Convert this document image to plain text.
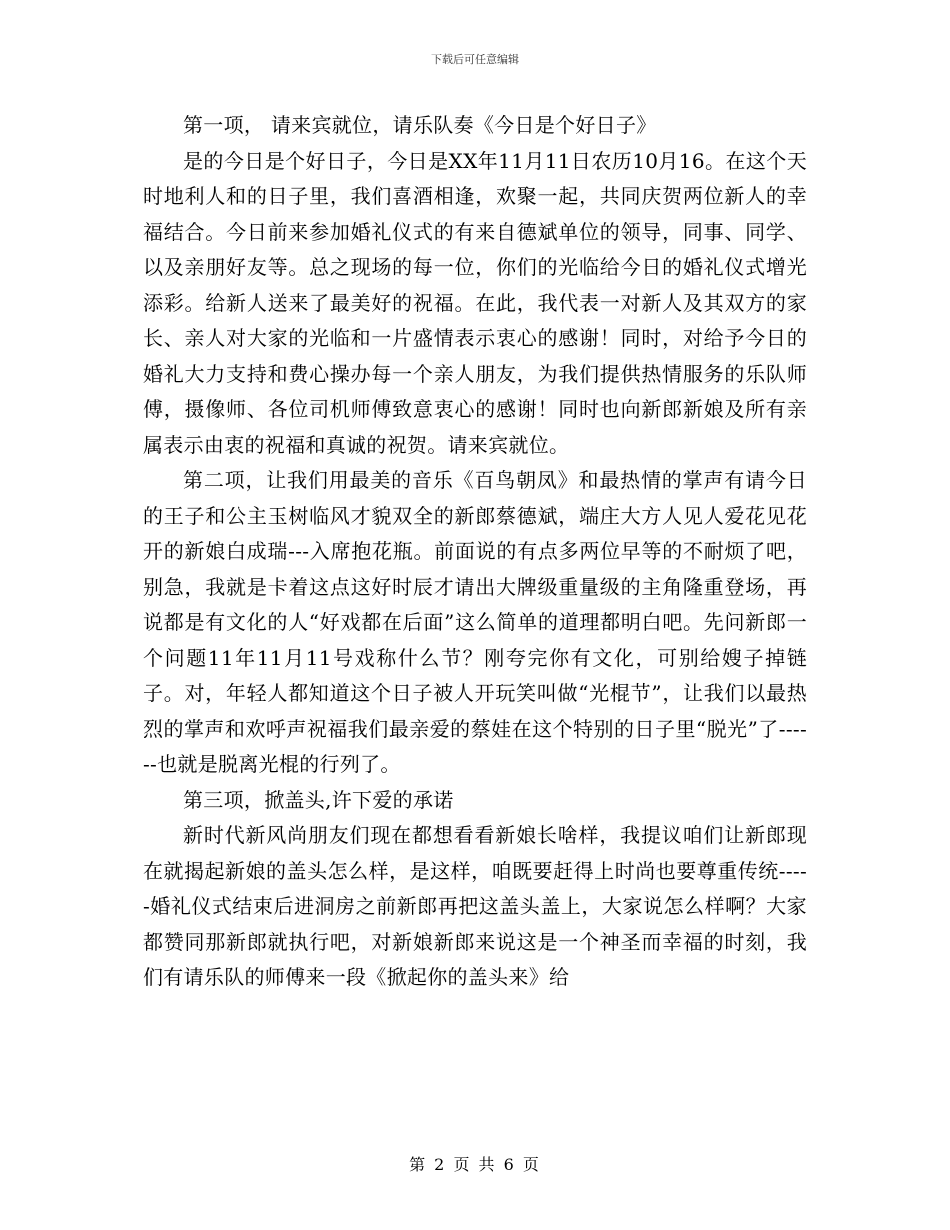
下载后可任意编辑

第一项， 请来宾就位，请乐队奏《今日是个好日子》

是的今日是个好日子，今日是XX年11月11日农历10月16。在这个天时地利人和的日子里，我们喜酒相逢，欢聚一起，共同庆贺两位新人的幸福结合。今日前来参加婚礼仪式的有来自德斌单位的领导，同事、同学、以及亲朋好友等。总之现场的每一位，你们的光临给今日的婚礼仪式增光添彩。给新人送来了最美好的祝福。在此，我代表一对新人及其双方的家长、亲人对大家的光临和一片盛情表示衷心的感谢！同时，对给予今日的婚礼大力支持和费心操办每一个亲人朋友，为我们提供热情服务的乐队师傅，摄像师、各位司机师傅致意衷心的感谢！同时也向新郎新娘及所有亲属表示由衷的祝福和真诚的祝贺。请来宾就位。

第二项，让我们用最美的音乐《百鸟朝凤》和最热情的掌声有请今日的王子和公主玉树临风才貌双全的新郎蔡德斌，端庄大方人见人爱花见花开的新娘白成瑞---入席抱花瓶。前面说的有点多两位早等的不耐烦了吧，别急，我就是卡着这点这好时辰才请出大牌级重量级的主角隆重登场，再说都是有文化的人“好戏都在后面”这么简单的道理都明白吧。先问新郎一个问题11年11月11号戏称什么节？刚夸完你有文化，可别给嫂子掉链子。对，年轻人都知道这个日子被人开玩笑叫做“光棍节”，让我们以最热烈的掌声和欢呼声祝福我们最亲爱的蔡娃在这个特别的日子里“脱光”了------也就是脱离光棍的行列了。

第三项，掀盖头,许下爱的承诺

新时代新风尚朋友们现在都想看看新娘长啥样，我提议咱们让新郎现在就揭起新娘的盖头怎么样，是这样，咱既要赶得上时尚也要尊重传统-----婚礼仪式结束后进洞房之前新郎再把这盖头盖上，大家说怎么样啊？大家都赞同那新郎就执行吧，对新娘新郎来说这是一个神圣而幸福的时刻，我们有请乐队的师傅来一段《掀起你的盖头来》给

第 2 页 共 6 页
